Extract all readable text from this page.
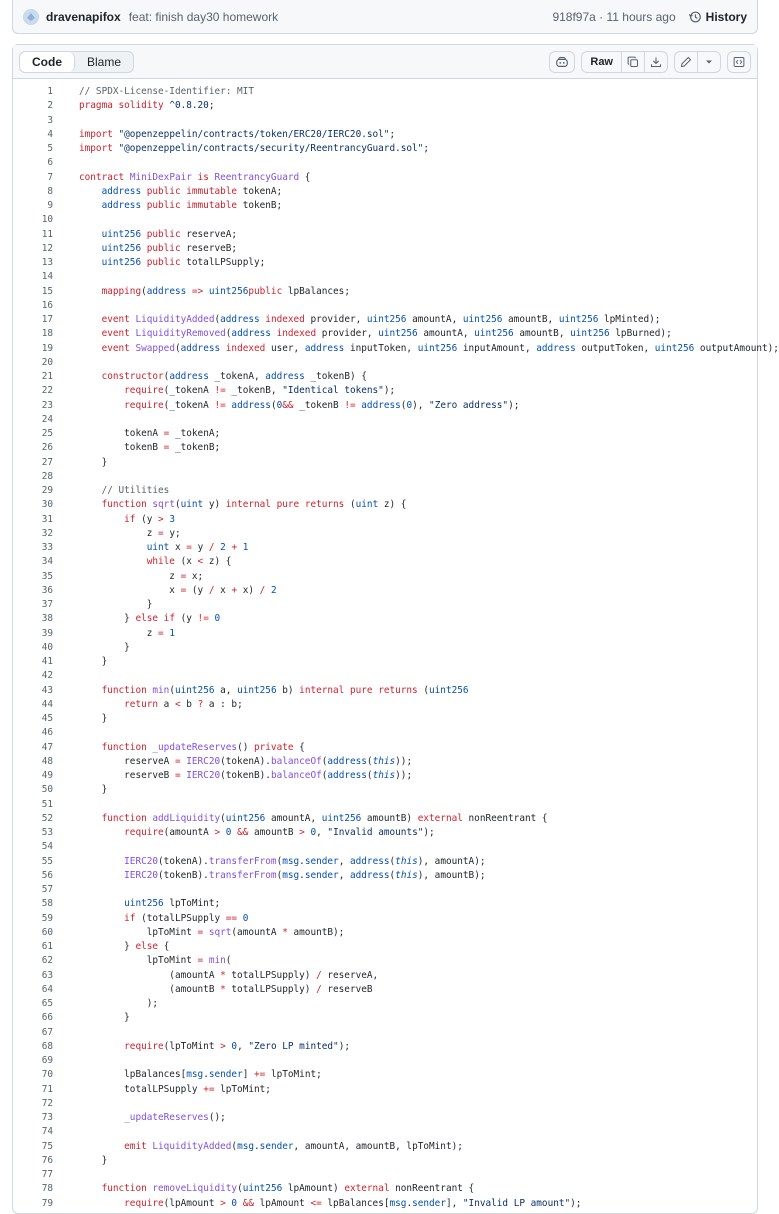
dravenapifox feat: finish day30 homework	918f97a · 11 hours ago	History
Code	Blame	Raw
1	// SPDX-License-Identifier: MIT
2	pragma solidity ^0.8.20;
3
4	import "@openzeppelin/contracts/token/ERC20/IERC20.sol";
5	import "@openzeppelin/contracts/security/ReentrancyGuard.sol";
6
7	contract MiniDexPair is ReentrancyGuard {
8	address public immutable tokenA;
9	address public immutable tokenB;
10
11	uint256 public reserveA;
12	uint256 public reserveB;
13	uint256 public totalLPSupply;
14
15	mapping(address => uint256public lpBalances;
16
17	event LiquidityAdded(address indexed provider, uint256 amountA, uint256 amountB, uint256 lpMinted);
18	event LiquidityRemoved(address indexed provider, uint256 amountA, uint256 amountB, uint256 lpBurned);
19	event Swapped(address indexed user, address inputToken, uint256 inputAmount, address outputToken, uint256 outputAmount);
20
21	constructor(address _tokenA, address _tokenB) {
22	require(_tokenA != _tokenB, "Identical tokens");
23	require(_tokenA != address(0&& _tokenB != address(0), "Zero address");
24
25	tokenA = _tokenA;
26	tokenB = _tokenB;
27	}
28
29	// Utilities
30	function sqrt(uint y) internal pure returns (uint z) {
31	if (y > 3
32	z = y;
33	uint x = y / 2 + 1
34	while (x < z) {
35	z = x;
36	x = (y / x + x) / 2
37	}
38	} else if (y != 0
39	z = 1
40	}
41	}
42
43	function min(uint256 a, uint256 b) internal pure returns (uint256
44	return a < b ? a : b;
45	}
46
47	function _updateReserves() private {
48	reserveA = IERC20(tokenA).balanceOf(address(this));
49	reserveB = IERC20(tokenB).balanceOf(address(this));
50	}
51
52	function addLiquidity(uint256 amountA, uint256 amountB) external nonReentrant {
53	require(amountA > 0 && amountB > 0, "Invalid amounts");
54
55	IERC20(tokenA).transferFrom(msg.sender, address(this), amountA);
56	IERC20(tokenB).transferFrom(msg.sender, address(this), amountB);
57
58	uint256 lpToMint;
59	if (totalLPSupply == 0
60	lpToMint = sqrt(amountA * amountB);
61	} else {
62	lpToMint = min(
63	(amountA * totalLPSupply) / reserveA,
64	(amountB * totalLPSupply) / reserveB
65	);
66	}
67
68	require(lpToMint > 0, "Zero LP minted");
69
70	lpBalances[msg.sender] += lpToMint;
71	totalLPSupply += lpToMint;
72
73	_updateReserves();
74
75	emit LiquidityAdded(msg.sender, amountA, amountB, lpToMint);
76	}
77
78	function removeLiquidity(uint256 lpAmount) external nonReentrant {
79	require(lpAmount > 0 && lpAmount <= lpBalances[msg.sender], "Invalid LP amount");
